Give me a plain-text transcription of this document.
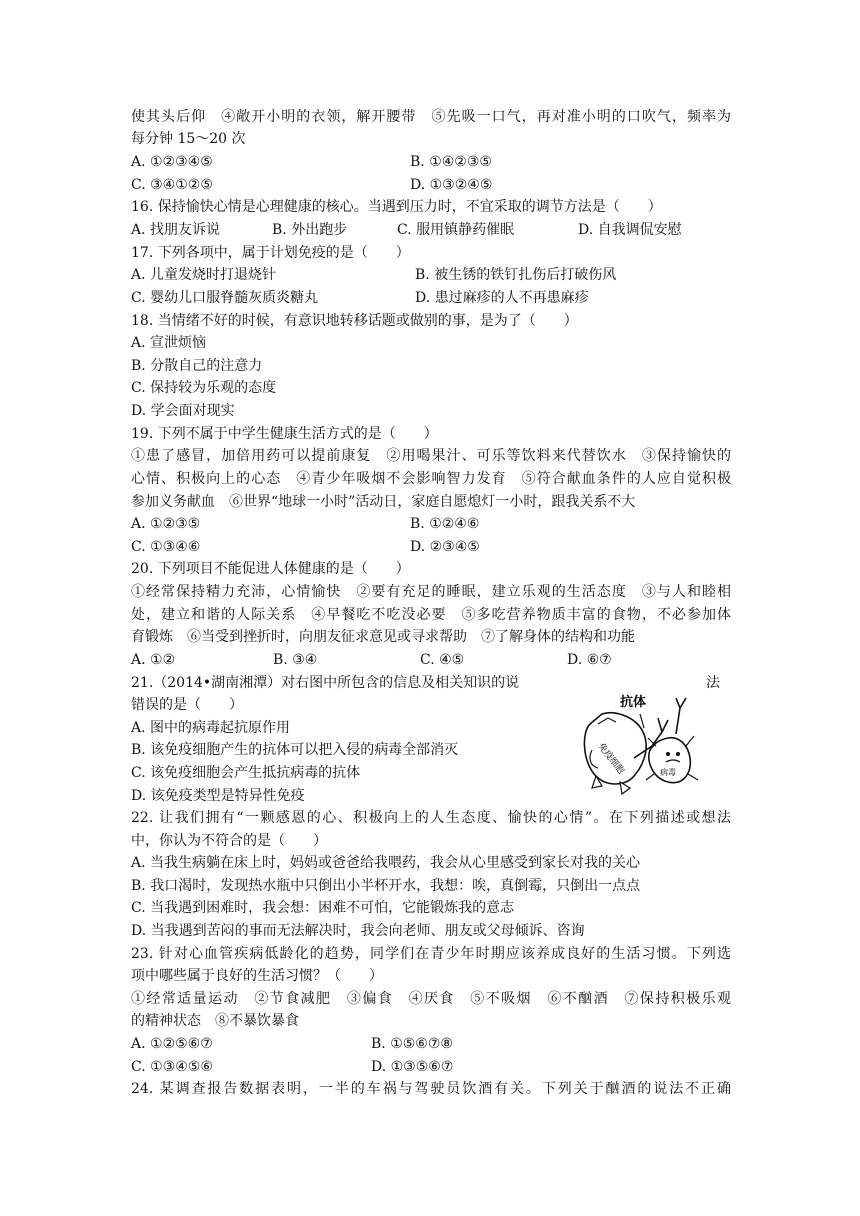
使其头后仰　④敞开小明的衣领，解开腰带　⑤先吸一口气，再对准小明的口吹气，频率为
每分钟 15～20 次
A. ①②③④⑤	B. ①④②③⑤
C. ③④①②⑤	D. ①③②④⑤
16. 保持愉快心情是心理健康的核心。当遇到压力时，不宜采取的调节方法是（　　）
A. 找朋友诉说	B. 外出跑步	C. 服用镇静药催眠	D. 自我调侃安慰
17. 下列各项中，属于计划免疫的是（　　）
A. 儿童发烧时打退烧针	B. 被生锈的铁钉扎伤后打破伤风
C. 婴幼儿口服脊髓灰质炎糖丸	D. 患过麻疹的人不再患麻疹
18. 当情绪不好的时候，有意识地转移话题或做别的事，是为了（　　）
A. 宣泄烦恼
B. 分散自己的注意力
C. 保持较为乐观的态度
D. 学会面对现实
19. 下列不属于中学生健康生活方式的是（　　）
①患了感冒，加倍用药可以提前康复　②用喝果汁、可乐等饮料来代替饮水　③保持愉快的
心情、积极向上的心态　④青少年吸烟不会影响智力发育　⑤符合献血条件的人应自觉积极
参加义务献血　⑥世界“地球一小时”活动日，家庭自愿熄灯一小时，跟我关系不大
A. ①②③⑤	B. ①②④⑥
C. ①③④⑥	D. ②③④⑤
20. 下列项目不能促进人体健康的是（　　）
①经常保持精力充沛，心情愉快　②要有充足的睡眠，建立乐观的生活态度　③与人和睦相
处，建立和谐的人际关系　④早餐吃不吃没必要　⑤多吃营养物质丰富的食物，不必参加体
育锻炼　⑥当受到挫折时，向朋友征求意见或寻求帮助　⑦了解身体的结构和功能
A. ①②	B. ③④	C. ④⑤	D. ⑥⑦
21.（2014•湖南湘潭）对右图中所包含的信息及相关知识的说	法
错误的是（　　）
A. 图中的病毒起抗原作用
B. 该免疫细胞产生的抗体可以把入侵的病毒全部消灭
C. 该免疫细胞会产生抵抗病毒的抗体
D. 该免疫类型是特异性免疫
免疫细胞
抗体
病毒
22. 让我们拥有“一颗感恩的心、积极向上的人生态度、愉快的心情”。在下列描述或想法
中，你认为不符合的是（　　）
A. 当我生病躺在床上时，妈妈或爸爸给我喂药，我会从心里感受到家长对我的关心
B. 我口渴时，发现热水瓶中只倒出小半杯开水，我想：唉，真倒霉，只倒出一点点
C. 当我遇到困难时，我会想：困难不可怕，它能锻炼我的意志
D. 当我遇到苦闷的事而无法解决时，我会向老师、朋友或父母倾诉、咨询
23. 针对心血管疾病低龄化的趋势，同学们在青少年时期应该养成良好的生活习惯。下列选
项中哪些属于良好的生活习惯？（　　）
①经常适量运动　②节食减肥　③偏食　④厌食　⑤不吸烟　⑥不酗酒　⑦保持积极乐观
的精神状态　⑧不暴饮暴食
A. ①②⑤⑥⑦	B. ①⑤⑥⑦⑧
C. ①③④⑤⑥	D. ①③⑤⑥⑦
24. 某调查报告数据表明，一半的车祸与驾驶员饮酒有关。下列关于酗酒的说法不正确
